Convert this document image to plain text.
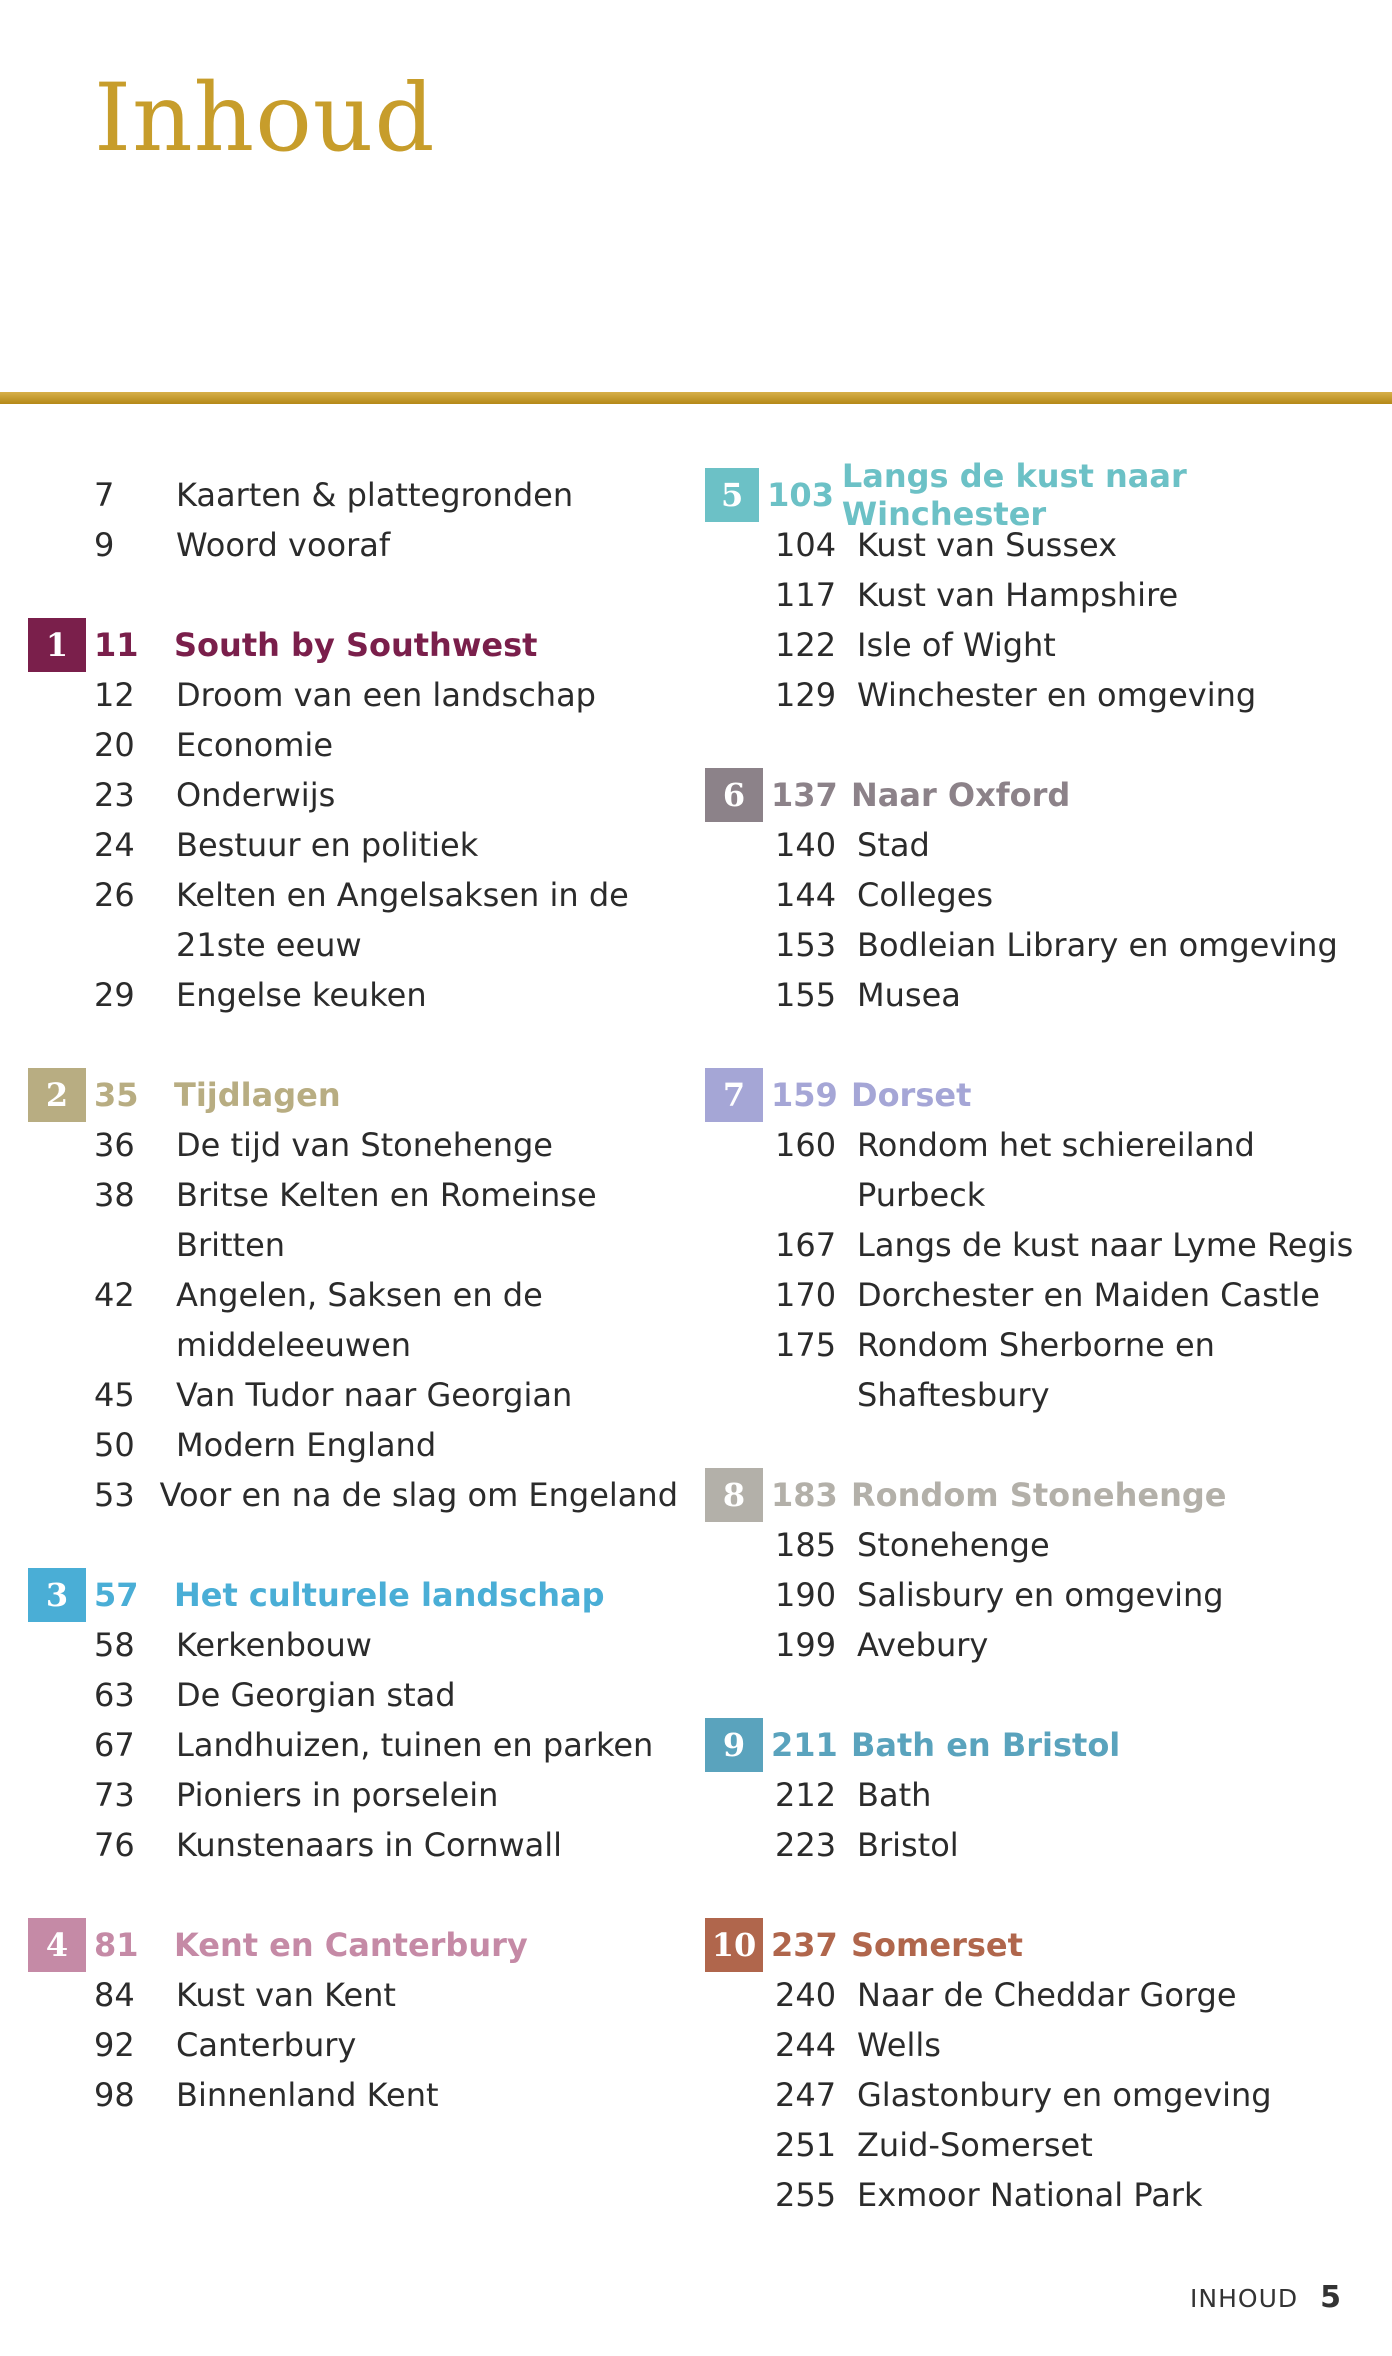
Inhoud
7	Kaarten & plattegronden
9	Woord vooraf
1 11	South by Southwest
12	Droom van een landschap
20	Economie
23	Onderwijs
24	Bestuur en politiek
26	Kelten en Angelsaksen in de
21ste eeuw
29	Engelse keuken
2 35	Tijdlagen
36	De tijd van Stonehenge
38	Britse Kelten en Romeinse
Britten
42	Angelen, Saksen en de
middeleeuwen
45	Van Tudor naar Georgian
50	Modern England
53 Voor en na de slag om Engeland
3 57	Het culturele landschap
58	Kerkenbouw
63	De Georgian stad
67	Landhuizen, tuinen en parken
73	Pioniers in porselein
76	Kunstenaars in Cornwall
4 81	Kent en Canterbury
84	Kust van Kent
92	Canterbury
98	Binnenland Kent
5 103 Langs de kust naar Winchester
104 Kust van Sussex
117 Kust van Hampshire
122 Isle of Wight
129 Winchester en omgeving
6 137 Naar Oxford
140 Stad
144 Colleges
153 Bodleian Library en omgeving
155 Musea
7 159 Dorset
160 Rondom het schiereiland
Purbeck
167 Langs de kust naar Lyme Regis
170 Dorchester en Maiden Castle
175 Rondom Sherborne en
Shaftesbury
8 183 Rondom Stonehenge
185 Stonehenge
190 Salisbury en omgeving
199 Avebury
9 211 Bath en Bristol
212 Bath
223 Bristol
10 237 Somerset
240 Naar de Cheddar Gorge
244 Wells
247 Glastonbury en omgeving
251 Zuid-Somerset
255 Exmoor National Park
INHOUD 5
